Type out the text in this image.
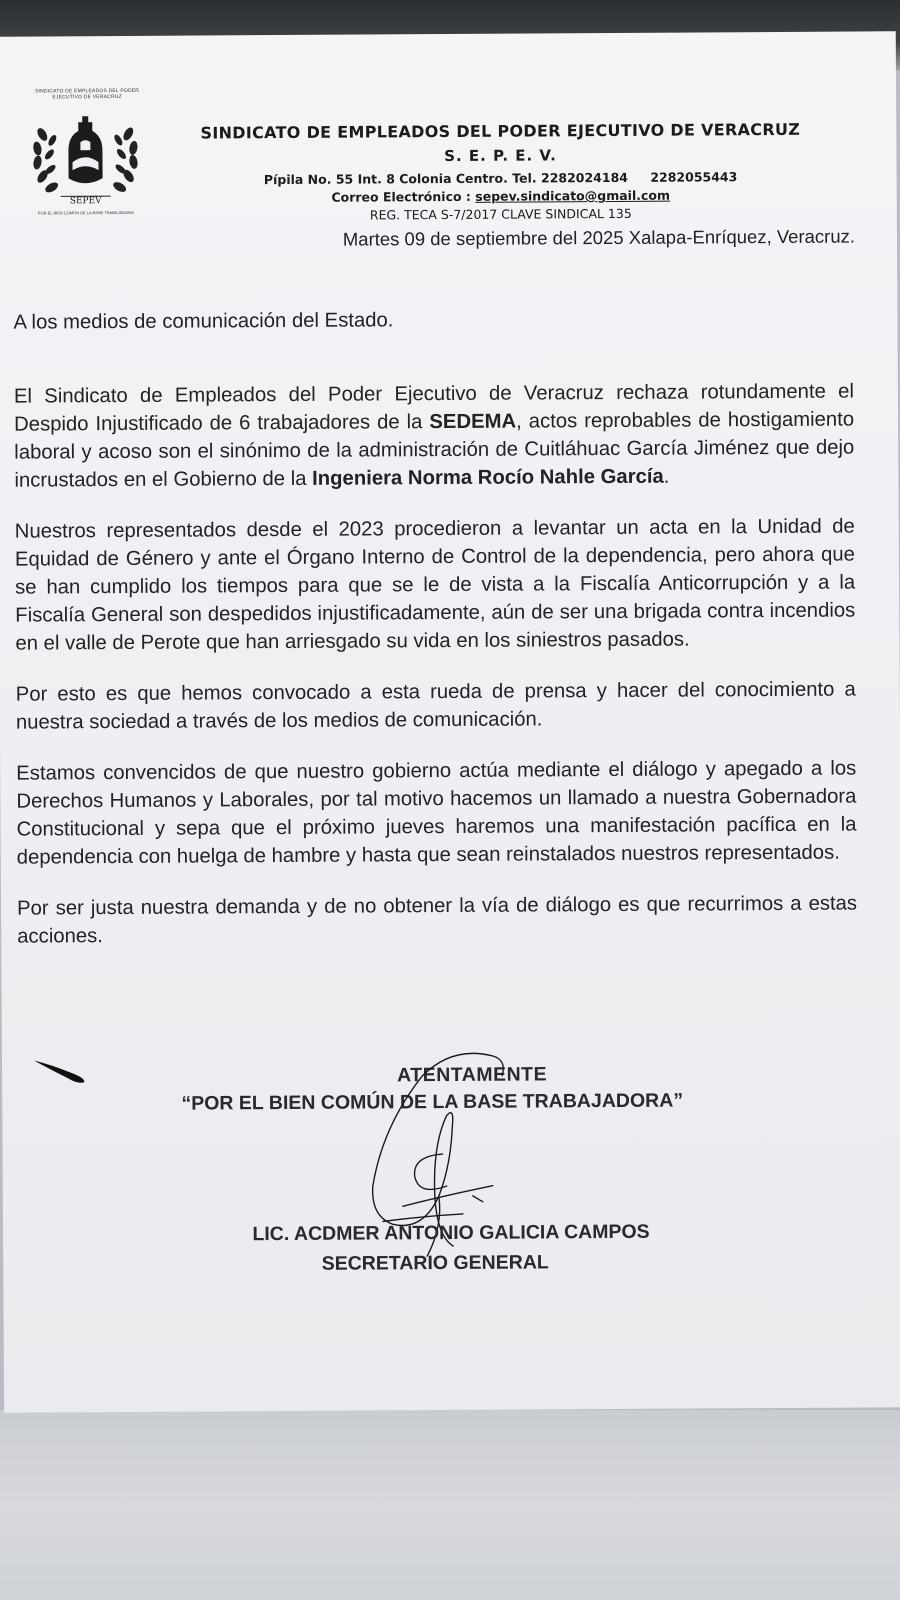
SINDICATO DE EMPLEADOS DEL PODER EJECUTIVO DE VERACRUZ
POR EL BIEN COMÚN DE LA BASE TRABAJADORA
SEPEV
SINDICATO DE EMPLEADOS DEL PODER EJECUTIVO DE VERACRUZ
S. E. P. E. V.
Pípila No. 55 Int. 8 Colonia Centro. Tel. 2282024184 2282055443
Correo Electrónico : sepev.sindicato@gmail.com
REG. TECA S-7/2017 CLAVE SINDICAL 135
Martes 09 de septiembre del 2025 Xalapa-Enríquez, Veracruz.

A los medios de comunicación del Estado.

El Sindicato de Empleados del Poder Ejecutivo de Veracruz rechaza rotundamente el Despido Injustificado de 6 trabajadores de la SEDEMA, actos reprobables de hostigamiento laboral y acoso son el sinónimo de la administración de Cuitláhuac García Jiménez que dejo incrustados en el Gobierno de la Ingeniera Norma Rocío Nahle García.

Nuestros representados desde el 2023 procedieron a levantar un acta en la Unidad de Equidad de Género y ante el Órgano Interno de Control de la dependencia, pero ahora que se han cumplido los tiempos para que se le de vista a la Fiscalía Anticorrupción y a la Fiscalía General son despedidos injustificadamente, aún de ser una brigada contra incendios en el valle de Perote que han arriesgado su vida en los siniestros pasados.

Por esto es que hemos convocado a esta rueda de prensa y hacer del conocimiento a nuestra sociedad a través de los medios de comunicación.

Estamos convencidos de que nuestro gobierno actúa mediante el diálogo y apegado a los Derechos Humanos y Laborales, por tal motivo hacemos un llamado a nuestra Gobernadora Constitucional y sepa que el próximo jueves haremos una manifestación pacífica en la dependencia con huelga de hambre y hasta que sean reinstalados nuestros representados.

Por ser justa nuestra demanda y de no obtener la vía de diálogo es que recurrimos a estas acciones.

ATENTAMENTE
“POR EL BIEN COMÚN DE LA BASE TRABAJADORA”
LIC. ACDMER ANTONIO GALICIA CAMPOS
SECRETARIO GENERAL
